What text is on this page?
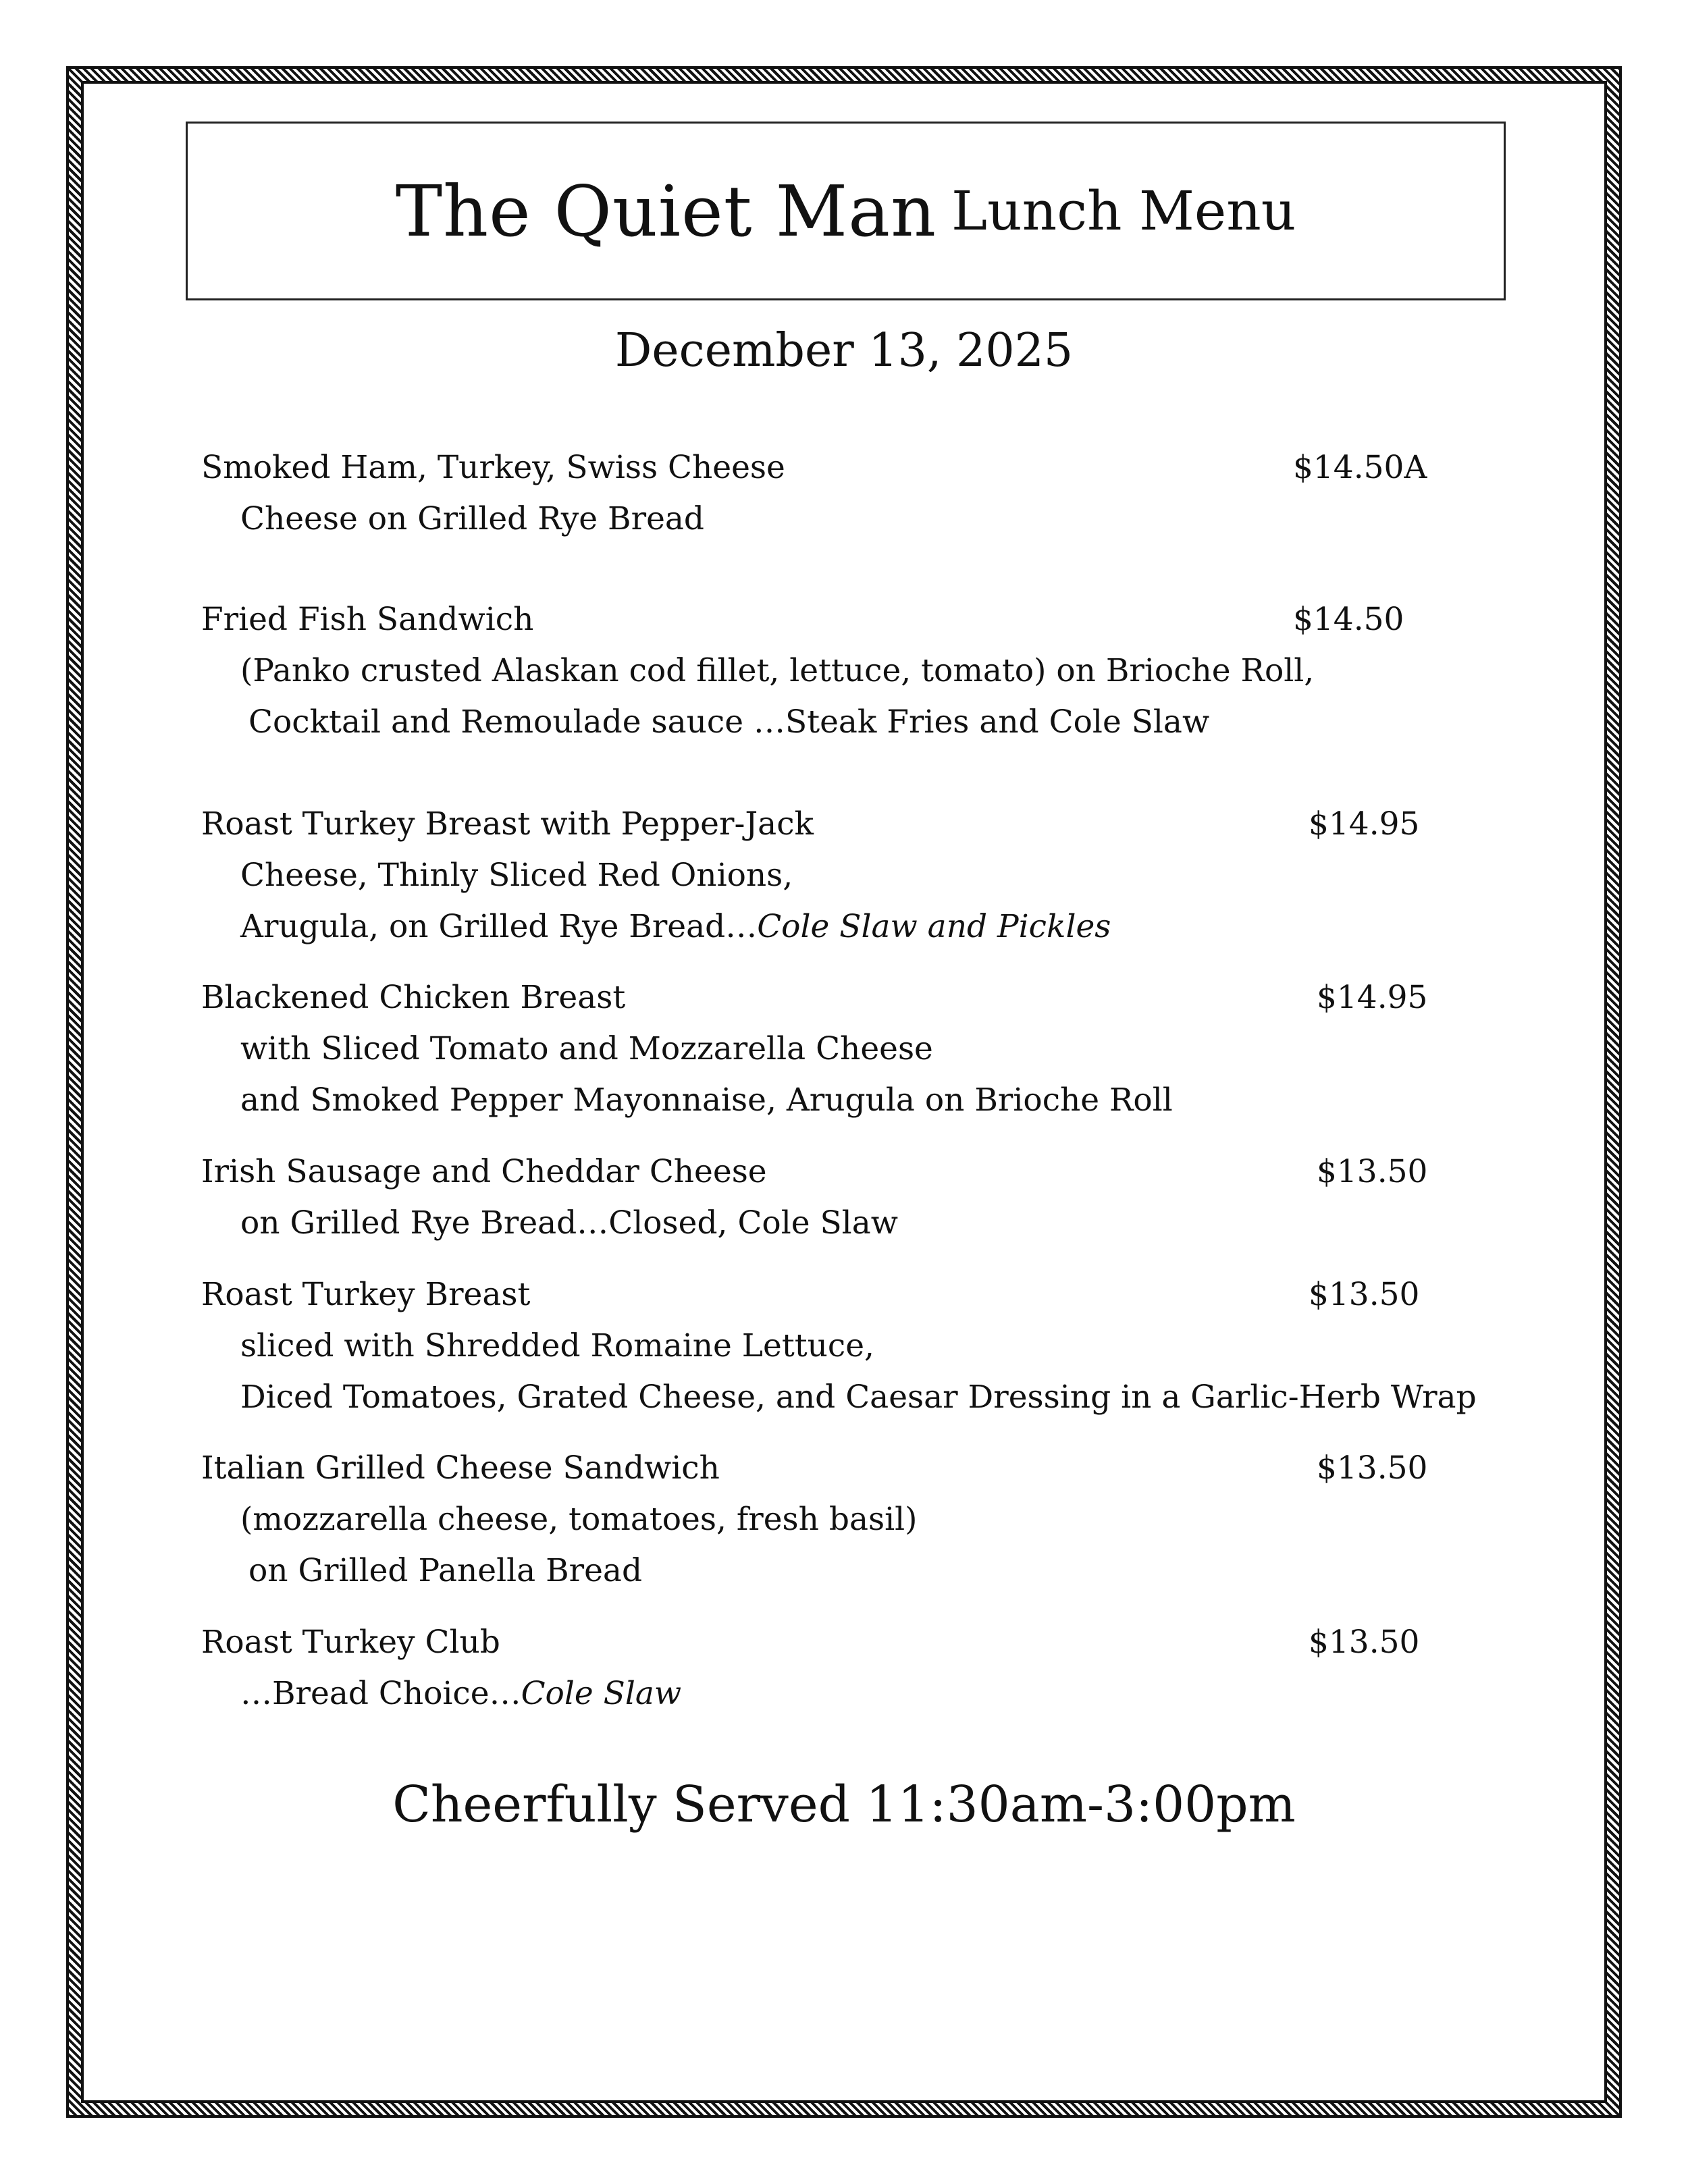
The Quiet Man Lunch Menu
December 13, 2025
Smoked Ham, Turkey, Swiss Cheese
Cheese on Grilled Rye Bread
$14.50A
Fried Fish Sandwich
(Panko crusted Alaskan cod fillet, lettuce, tomato) on Brioche Roll,
Cocktail and Remoulade sauce …Steak Fries and Cole Slaw
$14.50
Roast Turkey Breast with Pepper-Jack
Cheese, Thinly Sliced Red Onions,
Arugula, on Grilled Rye Bread…Cole Slaw and Pickles
$14.95
Blackened Chicken Breast
with Sliced Tomato and Mozzarella Cheese
and Smoked Pepper Mayonnaise, Arugula on Brioche Roll
$14.95
Irish Sausage and Cheddar Cheese
on Grilled Rye Bread…Closed, Cole Slaw
$13.50
Roast Turkey Breast
sliced with Shredded Romaine Lettuce,
Diced Tomatoes, Grated Cheese, and Caesar Dressing in a Garlic-Herb Wrap
$13.50
Italian Grilled Cheese Sandwich
(mozzarella cheese, tomatoes, fresh basil)
on Grilled Panella Bread
$13.50
Roast Turkey Club
…Bread Choice…Cole Slaw
$13.50
Cheerfully Served 11:30am-3:00pm
